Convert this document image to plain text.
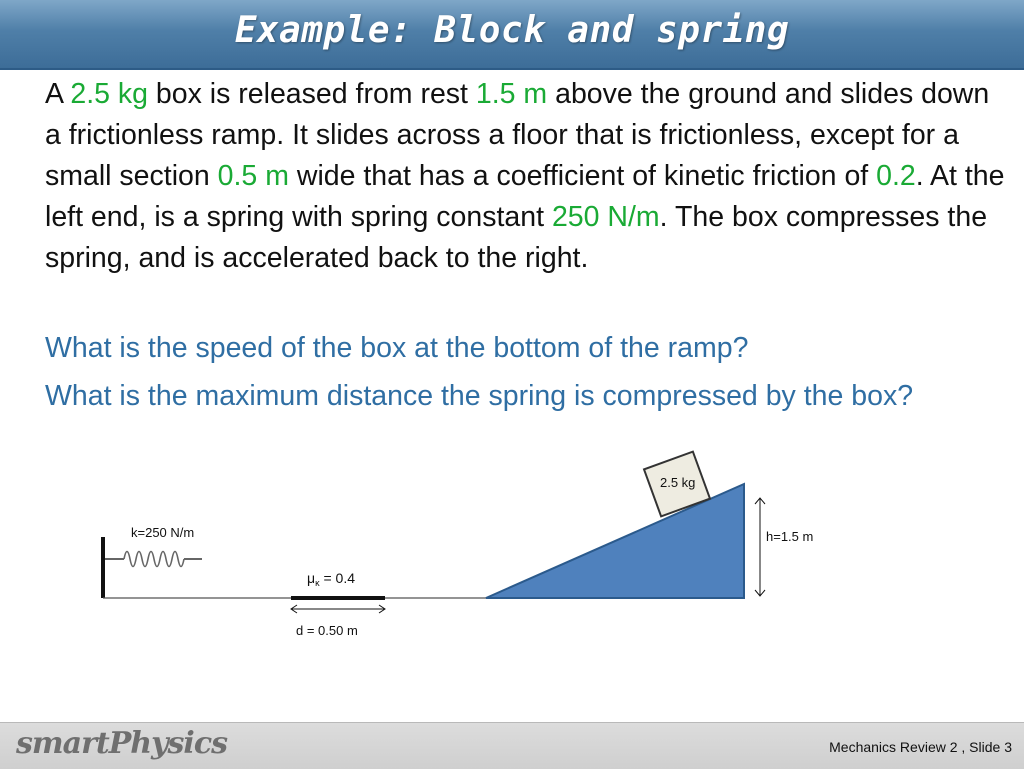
Example: Block and spring
A 2.5 kg box is released from rest 1.5 m above the ground and slides down a frictionless ramp. It slides across a floor that is frictionless, except for a small section 0.5 m wide that has a coefficient of kinetic friction of 0.2. At the left end, is a spring with spring constant 250 N/m. The box compresses the spring, and is accelerated back to the right.
What is the speed of the box at the bottom of the ramp?
What is the maximum distance the spring is compressed by the box?
k=250 N/m
$\mu_\kappa = 0.4$
d = 0.50 m
2.5 kg
h=1.5 m
smartPhysics	Mechanics Review 2 , Slide 3
